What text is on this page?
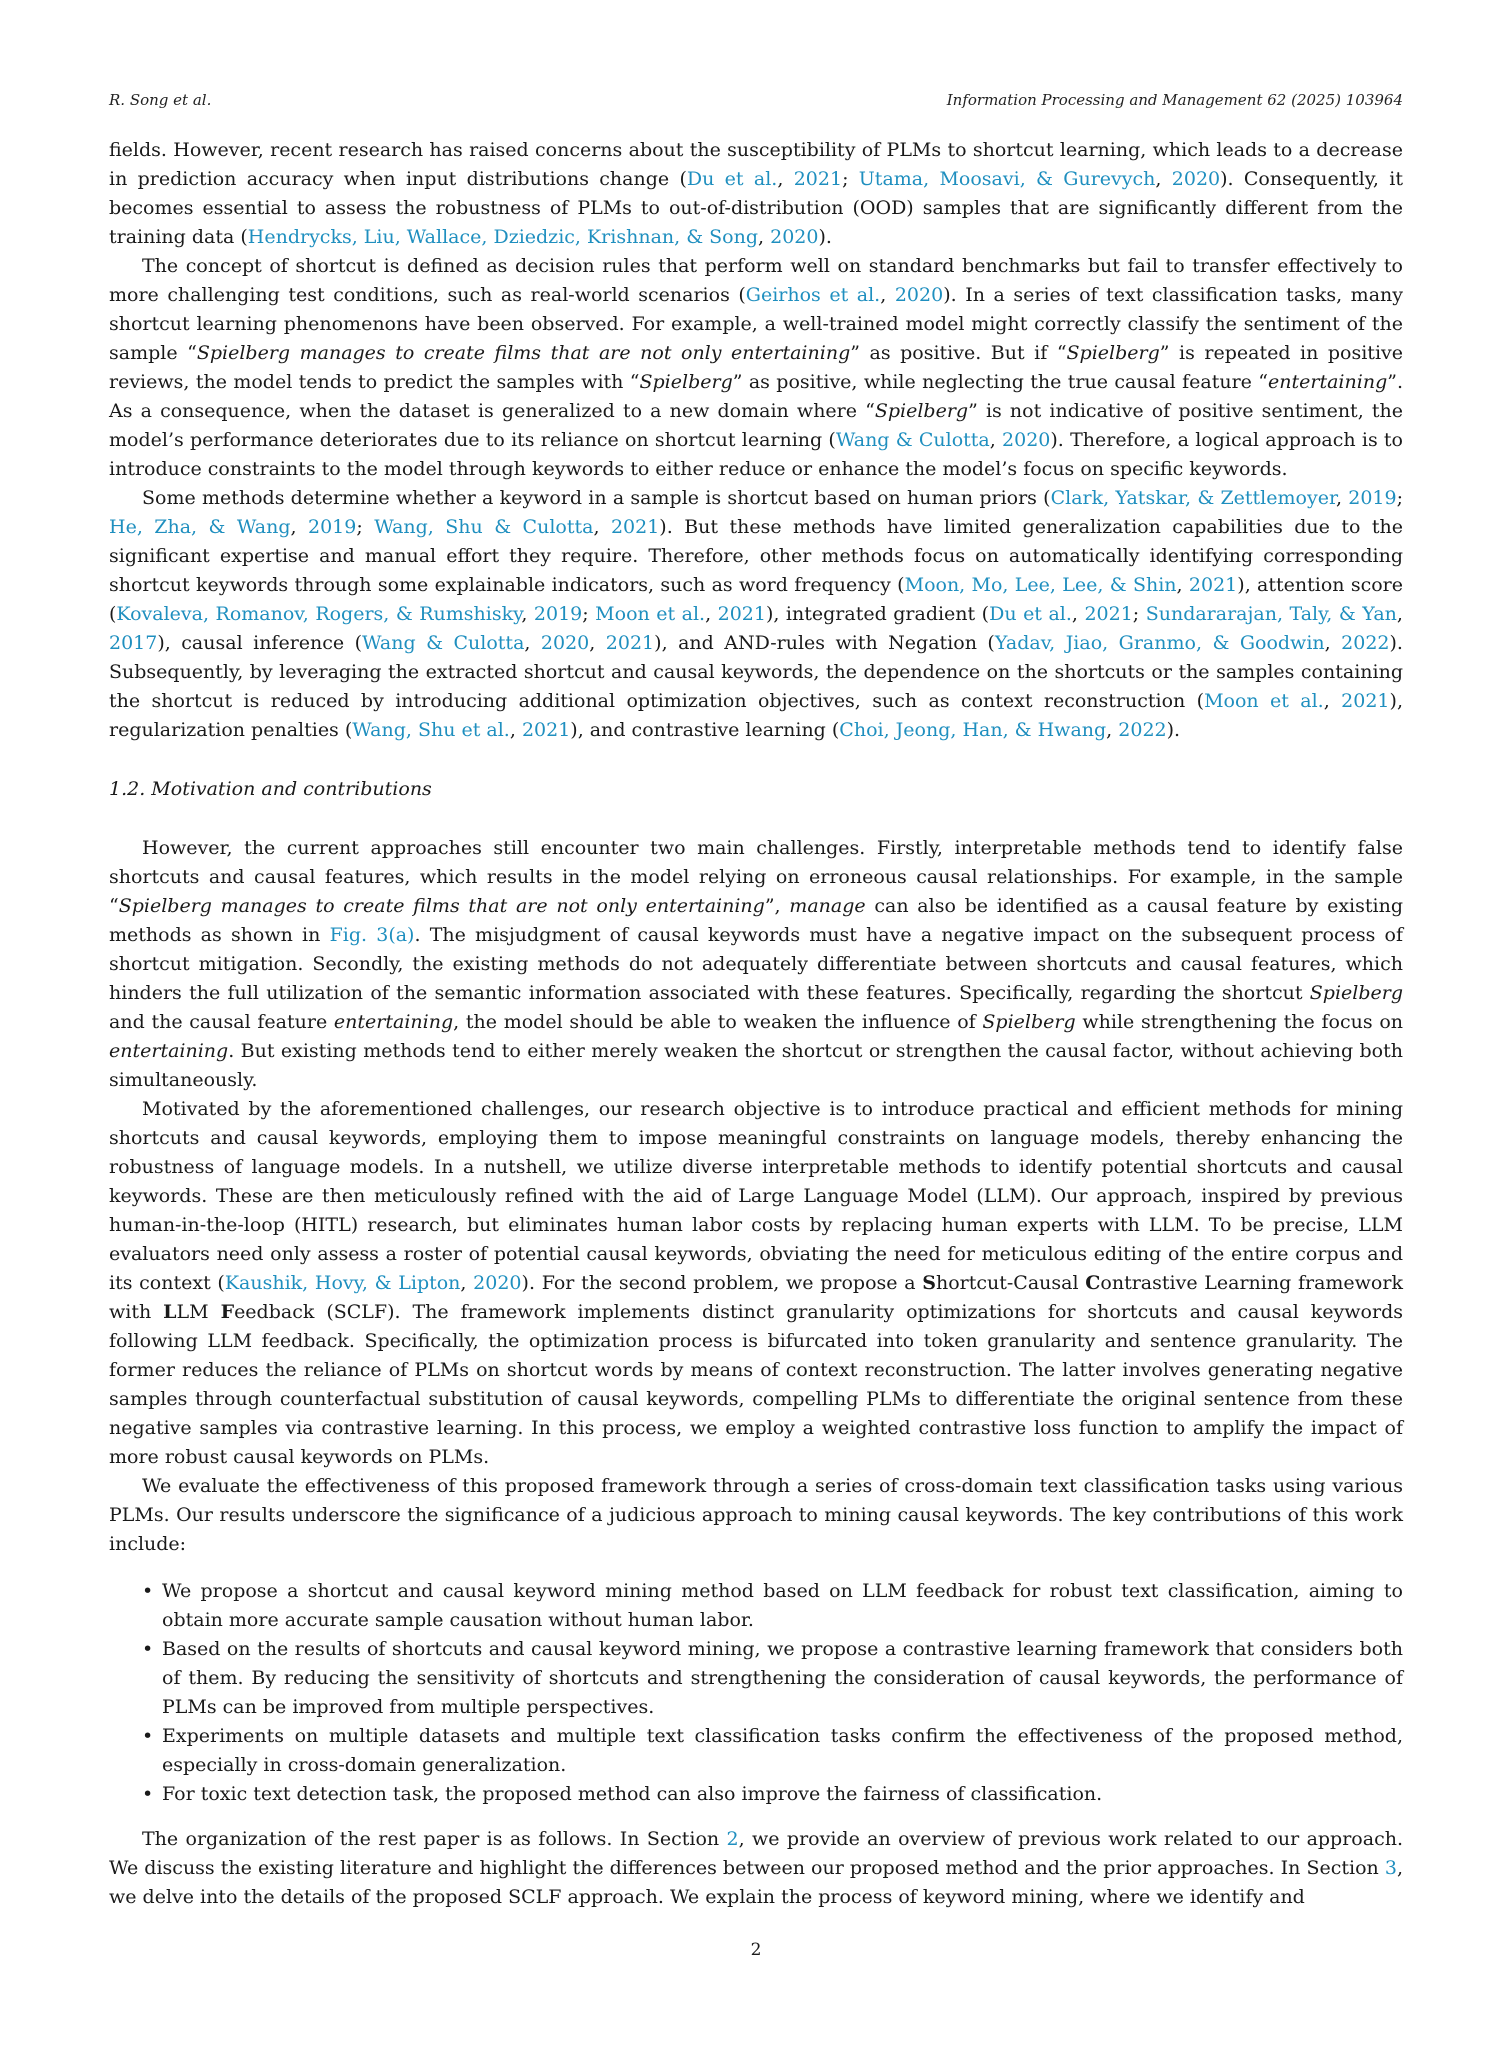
R. Song et al.	Information Processing and Management 62 (2025) 103964

fields. However, recent research has raised concerns about the susceptibility of PLMs to shortcut learning, which leads to a decrease in prediction accuracy when input distributions change (Du et al., 2021; Utama, Moosavi, & Gurevych, 2020). Consequently, it becomes essential to assess the robustness of PLMs to out-of-distribution (OOD) samples that are significantly different from the training data (Hendrycks, Liu, Wallace, Dziedzic, Krishnan, & Song, 2020).

The concept of shortcut is defined as decision rules that perform well on standard benchmarks but fail to transfer effectively to more challenging test conditions, such as real-world scenarios (Geirhos et al., 2020). In a series of text classification tasks, many shortcut learning phenomenons have been observed. For example, a well-trained model might correctly classify the sentiment of the sample “Spielberg manages to create films that are not only entertaining” as positive. But if “Spielberg” is repeated in positive reviews, the model tends to predict the samples with “Spielberg” as positive, while neglecting the true causal feature “entertaining”. As a consequence, when the dataset is generalized to a new domain where “Spielberg” is not indicative of positive sentiment, the model’s performance deteriorates due to its reliance on shortcut learning (Wang & Culotta, 2020). Therefore, a logical approach is to introduce constraints to the model through keywords to either reduce or enhance the model’s focus on specific keywords.

Some methods determine whether a keyword in a sample is shortcut based on human priors (Clark, Yatskar, & Zettlemoyer, 2019; He, Zha, & Wang, 2019; Wang, Shu & Culotta, 2021). But these methods have limited generalization capabilities due to the significant expertise and manual effort they require. Therefore, other methods focus on automatically identifying corresponding shortcut keywords through some explainable indicators, such as word frequency (Moon, Mo, Lee, Lee, & Shin, 2021), attention score (Kovaleva, Romanov, Rogers, & Rumshisky, 2019; Moon et al., 2021), integrated gradient (Du et al., 2021; Sundararajan, Taly, & Yan, 2017), causal inference (Wang & Culotta, 2020, 2021), and AND-rules with Negation (Yadav, Jiao, Granmo, & Goodwin, 2022). Subsequently, by leveraging the extracted shortcut and causal keywords, the dependence on the shortcuts or the samples containing the shortcut is reduced by introducing additional optimization objectives, such as context reconstruction (Moon et al., 2021), regularization penalties (Wang, Shu et al., 2021), and contrastive learning (Choi, Jeong, Han, & Hwang, 2022).

1.2. Motivation and contributions

However, the current approaches still encounter two main challenges. Firstly, interpretable methods tend to identify false shortcuts and causal features, which results in the model relying on erroneous causal relationships. For example, in the sample “Spielberg manages to create films that are not only entertaining”, manage can also be identified as a causal feature by existing methods as shown in Fig. 3(a). The misjudgment of causal keywords must have a negative impact on the subsequent process of shortcut mitigation. Secondly, the existing methods do not adequately differentiate between shortcuts and causal features, which hinders the full utilization of the semantic information associated with these features. Specifically, regarding the shortcut Spielberg and the causal feature entertaining, the model should be able to weaken the influence of Spielberg while strengthening the focus on entertaining. But existing methods tend to either merely weaken the shortcut or strengthen the causal factor, without achieving both simultaneously.

Motivated by the aforementioned challenges, our research objective is to introduce practical and efficient methods for mining shortcuts and causal keywords, employing them to impose meaningful constraints on language models, thereby enhancing the robustness of language models. In a nutshell, we utilize diverse interpretable methods to identify potential shortcuts and causal keywords. These are then meticulously refined with the aid of Large Language Model (LLM). Our approach, inspired by previous human-in-the-loop (HITL) research, but eliminates human labor costs by replacing human experts with LLM. To be precise, LLM evaluators need only assess a roster of potential causal keywords, obviating the need for meticulous editing of the entire corpus and its context (Kaushik, Hovy, & Lipton, 2020). For the second problem, we propose a Shortcut-Causal Contrastive Learning framework with LLM Feedback (SCLF). The framework implements distinct granularity optimizations for shortcuts and causal keywords following LLM feedback. Specifically, the optimization process is bifurcated into token granularity and sentence granularity. The former reduces the reliance of PLMs on shortcut words by means of context reconstruction. The latter involves generating negative samples through counterfactual substitution of causal keywords, compelling PLMs to differentiate the original sentence from these negative samples via contrastive learning. In this process, we employ a weighted contrastive loss function to amplify the impact of more robust causal keywords on PLMs.

We evaluate the effectiveness of this proposed framework through a series of cross-domain text classification tasks using various PLMs. Our results underscore the significance of a judicious approach to mining causal keywords. The key contributions of this work include:

• We propose a shortcut and causal keyword mining method based on LLM feedback for robust text classification, aiming to obtain more accurate sample causation without human labor.
• Based on the results of shortcuts and causal keyword mining, we propose a contrastive learning framework that considers both of them. By reducing the sensitivity of shortcuts and strengthening the consideration of causal keywords, the performance of PLMs can be improved from multiple perspectives.
• Experiments on multiple datasets and multiple text classification tasks confirm the effectiveness of the proposed method, especially in cross-domain generalization.
• For toxic text detection task, the proposed method can also improve the fairness of classification.

The organization of the rest paper is as follows. In Section 2, we provide an overview of previous work related to our approach. We discuss the existing literature and highlight the differences between our proposed method and the prior approaches. In Section 3, we delve into the details of the proposed SCLF approach. We explain the process of keyword mining, where we identify and

2
